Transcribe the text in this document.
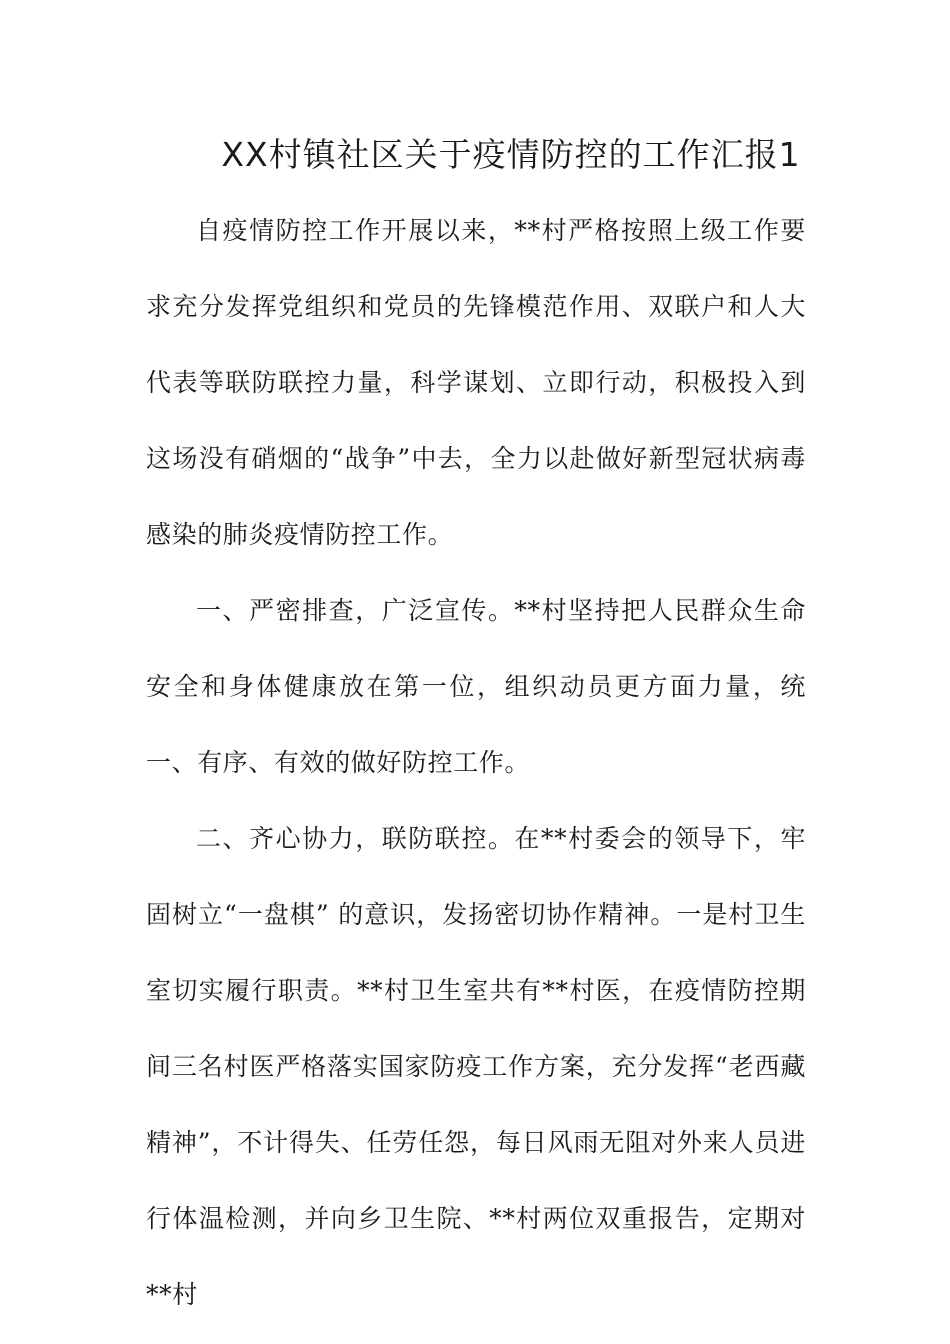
XX村镇社区关于疫情防控的工作汇报1

自疫情防控工作开展以来，**村严格按照上级工作要求充分发挥党组织和党员的先锋模范作用、双联户和人大代表等联防联控力量，科学谋划、立即行动，积极投入到这场没有硝烟的“战争”中去，全力以赴做好新型冠状病毒感染的肺炎疫情防控工作。

一、严密排查，广泛宣传。**村坚持把人民群众生命安全和身体健康放在第一位，组织动员更方面力量，统一、有序、有效的做好防控工作。

二、齐心协力，联防联控。在**村委会的领导下，牢固树立“一盘棋” 的意识，发扬密切协作精神。一是村卫生室切实履行职责。**村卫生室共有**村医，在疫情防控期间三名村医严格落实国家防疫工作方案，充分发挥“老西藏精神”，不计得失、任劳任怨，每日风雨无阻对外来人员进行体温检测，并向乡卫生院、**村两位双重报告，定期对**村
